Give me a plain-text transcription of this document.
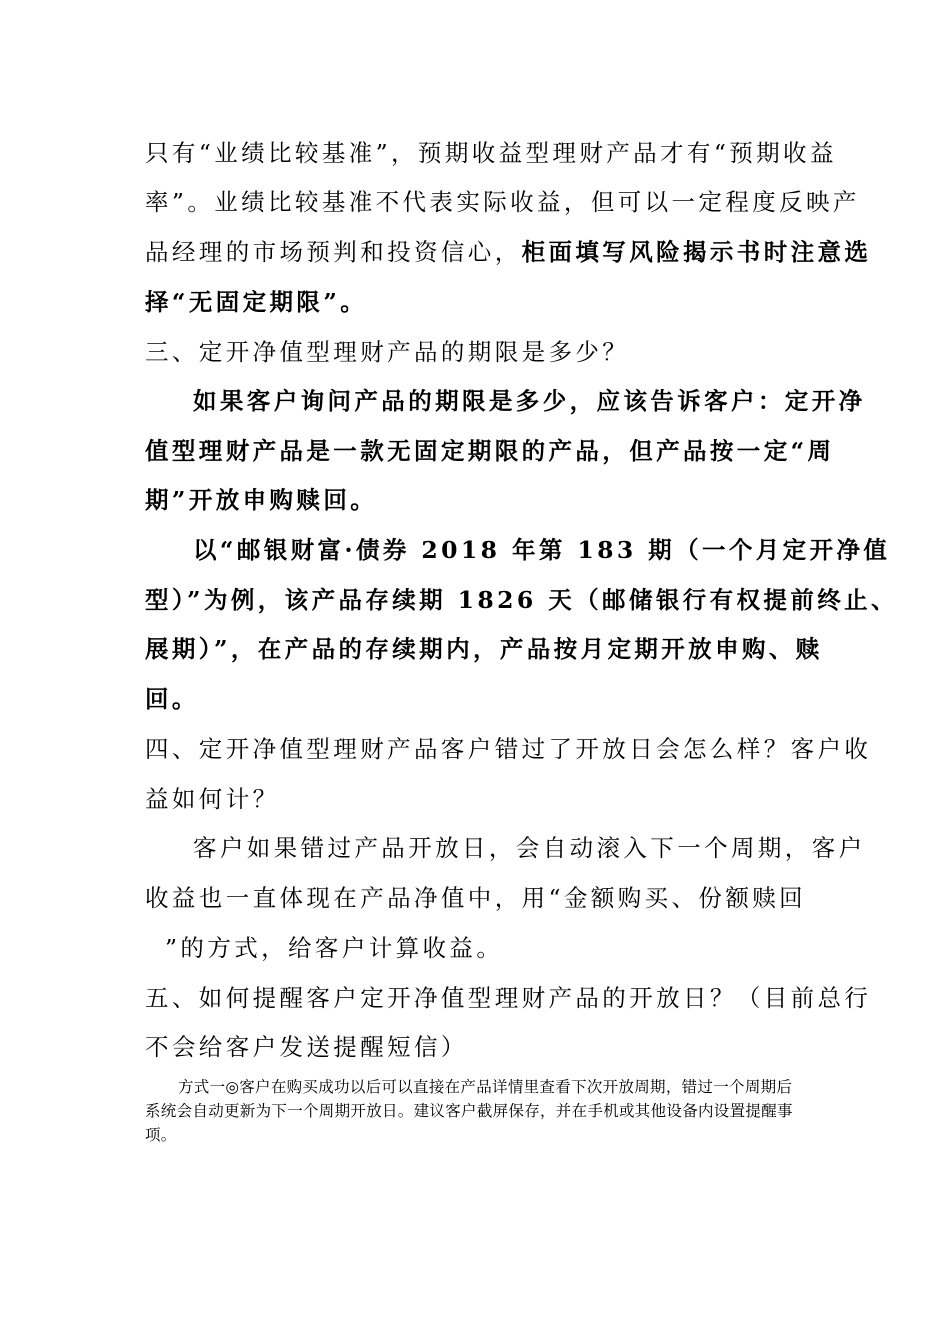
只有“业绩比较基准”，预期收益型理财产品才有“预期收益
率”。业绩比较基准不代表实际收益，但可以一定程度反映产
品经理的市场预判和投资信心，柜面填写风险揭示书时注意选
择“无固定期限”。
三、定开净值型理财产品的期限是多少？
如果客户询问产品的期限是多少，应该告诉客户：定开净
值型理财产品是一款无固定期限的产品，但产品按一定“周
期”开放申购赎回。
以“邮银财富·债券 2018 年第 183 期（一个月定开净值
型）”为例，该产品存续期 1826 天（邮储银行有权提前终止、
展期）”，在产品的存续期内，产品按月定期开放申购、赎
回。
四、定开净值型理财产品客户错过了开放日会怎么样？客户收
益如何计？
客户如果错过产品开放日，会自动滚入下一个周期，客户
收益也一直体现在产品净值中，用“金额购买、份额赎回
”的方式，给客户计算收益。
五、如何提醒客户定开净值型理财产品的开放日？（目前总行
不会给客户发送提醒短信）
方式一◎客户在购买成功以后可以直接在产品详情里查看下次开放周期，错过一个周期后系统会自动更新为下一个周期开放日。建议客户截屏保存，并在手机或其他设备内设置提醒事项。
